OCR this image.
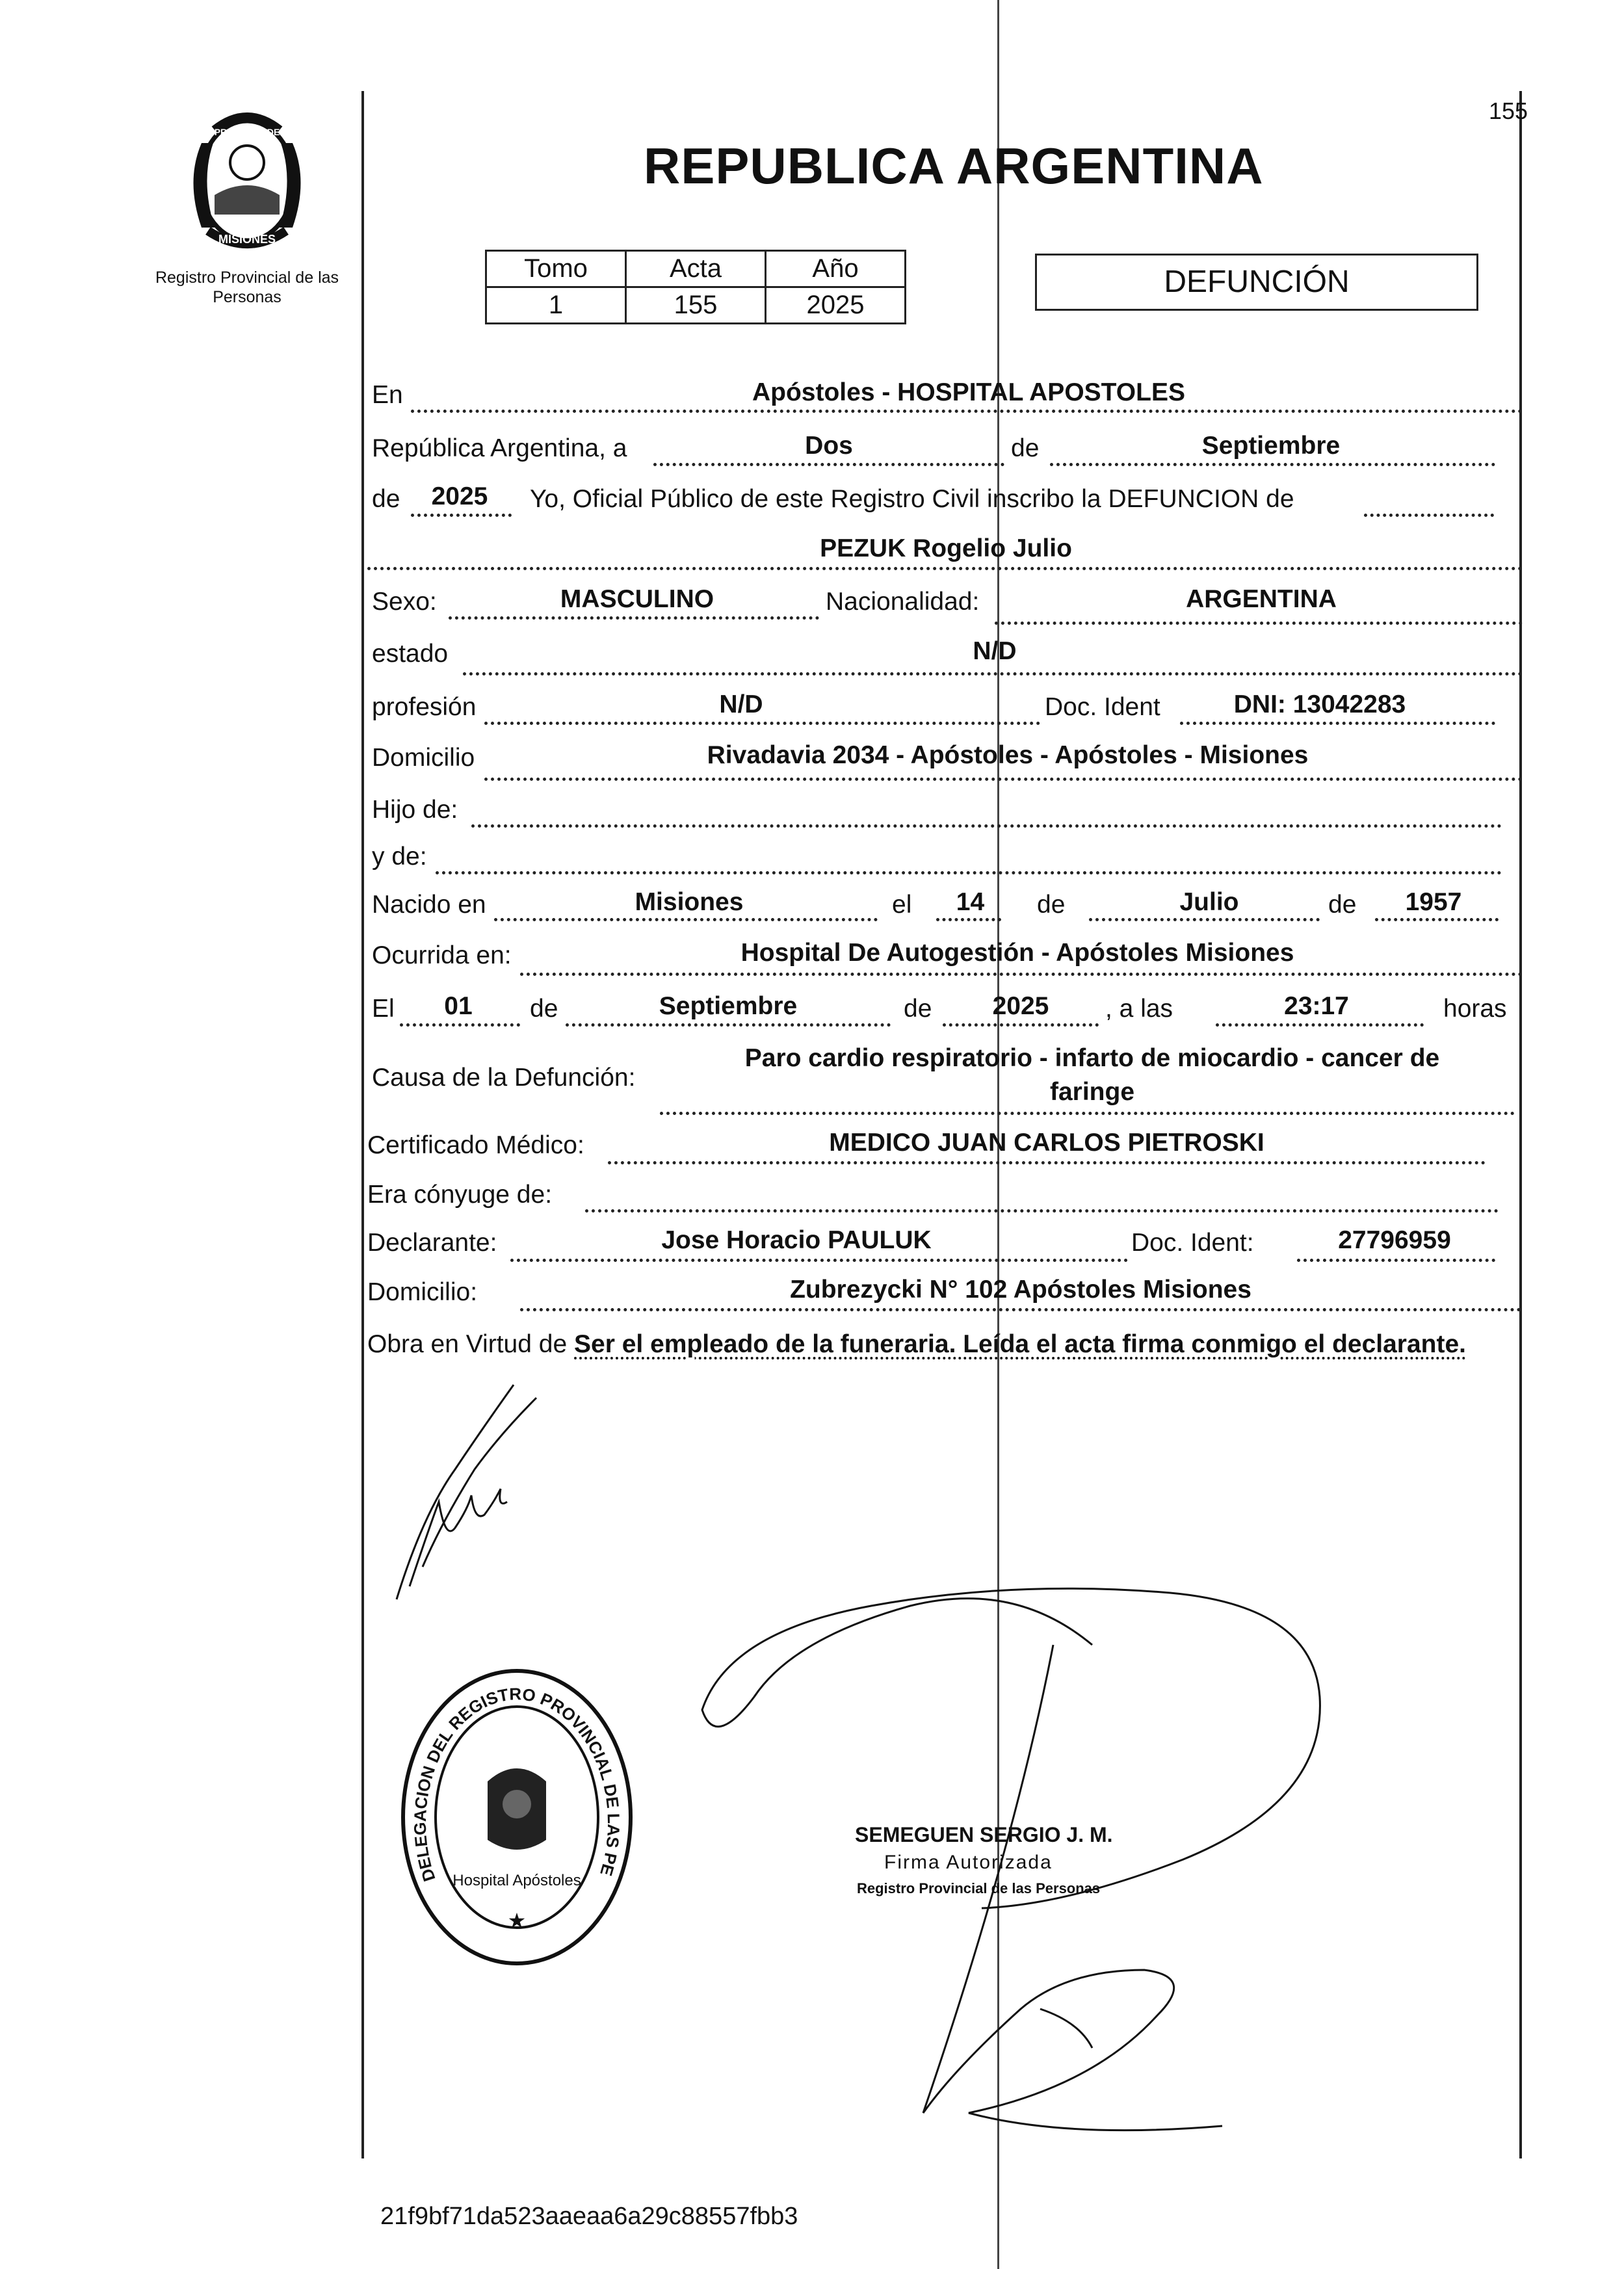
155
PROVINCIA DE
MISIONES
Registro Provincial de las Personas
REPUBLICA ARGENTINA
Tomo	Acta	Año
1	155	2025
DEFUNCIÓN
En	Apóstoles - HOSPITAL APOSTOLES
República Argentina, a	Dos	de	Septiembre
de	2025	Yo, Oficial Público de este Registro Civil inscribo la DEFUNCION de
PEZUK Rogelio Julio
Sexo:	MASCULINO	Nacionalidad:	ARGENTINA
estado	N/D
profesión	N/D	Doc. Ident	DNI: 13042283
Domicilio	Rivadavia 2034 - Apóstoles - Apóstoles - Misiones
Hijo de:
y de:
Nacido en	Misiones	el	14	de	Julio	de	1957
Ocurrida en:	Hospital De Autogestión - Apóstoles Misiones
El	01	de	Septiembre	de	2025	, a las	23:17	horas
Causa de la Defunción:
Paro cardio respiratorio - infarto de miocardio - cancer de
faringe
Certificado Médico:	MEDICO JUAN CARLOS PIETROSKI
Era cónyuge de:
Declarante:	Jose Horacio PAULUK	Doc. Ident:	27796959
Domicilio:	Zubrezycki N° 102 Apóstoles Misiones
Obra en Virtud de Ser el empleado de la funeraria. Leída el acta firma conmigo el declarante.
DELEGACION DEL REGISTRO PROVINCIAL DE LAS PE
Hospital Apóstoles
★
SEMEGUEN SERGIO J. M.
Firma Autorizada
Registro Provincial de las Personas
21f9bf71da523aaeaa6a29c88557fbb3
